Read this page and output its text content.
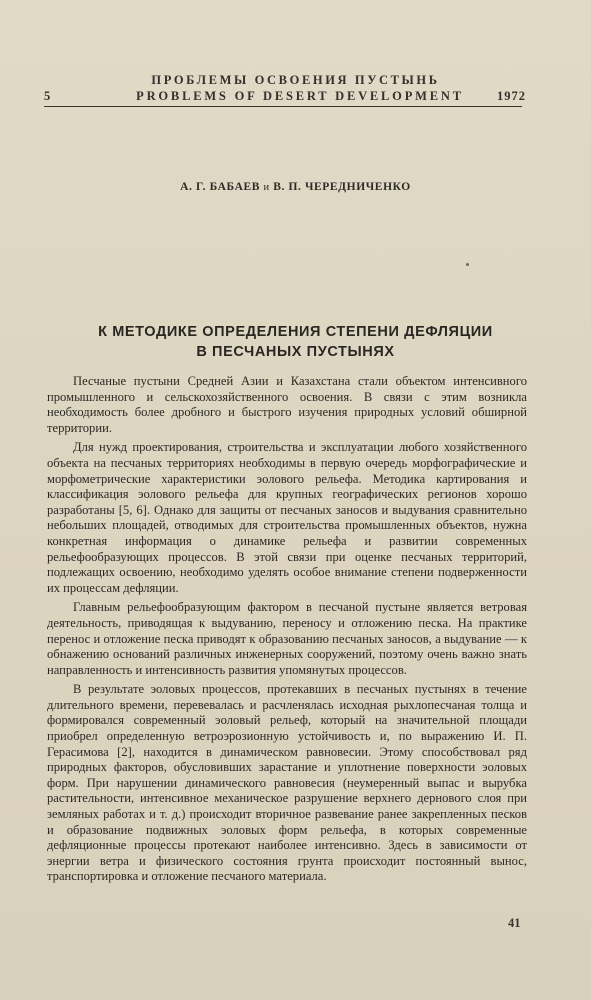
ПРОБЛЕМЫ ОСВОЕНИЯ ПУСТЫНЬ
5	PROBLEMS OF DESERT DEVELOPMENT	1972
А. Г. БАБАЕВ и В. П. ЧЕРЕДНИЧЕНКО
К МЕТОДИКЕ ОПРЕДЕЛЕНИЯ СТЕПЕНИ ДЕФЛЯЦИИ
В ПЕСЧАНЫХ ПУСТЫНЯХ

Песчаные пустыни Средней Азии и Казахстана стали объектом интенсивного промышленного и сельскохозяйственного освоения. В связи с этим возникла необходимость более дробного и быстрого изучения природных условий обширной территории.

Для нужд проектирования, строительства и эксплуатации любого хозяйственного объекта на песчаных территориях необходимы в первую очередь морфографические и морфометрические характеристики эолового рельефа. Методика картирования и классификация эолового рельефа для крупных географических регионов хорошо разработаны [5, 6]. Однако для защиты от песчаных заносов и выдувания сравнительно небольших площадей, отводимых для строительства промышленных объектов, нужна конкретная информация о динамике рельефа и развитии современных рельефообразующих процессов. В этой связи при оценке песчаных территорий, подлежащих освоению, необходимо уделять особое внимание степени подверженности их процессам дефляции.

Главным рельефообразующим фактором в песчаной пустыне является ветровая деятельность, приводящая к выдуванию, переносу и отложению песка. На практике перенос и отложение песка приводят к образованию песчаных заносов, а выдувание — к обнажению оснований различных инженерных сооружений, поэтому очень важно знать направленность и интенсивность развития упомянутых процессов.

В результате эоловых процессов, протекавших в песчаных пустынях в течение длительного времени, перевевалась и расчленялась исходная рыхлопесчаная толща и формировался современный эоловый рельеф, который на значительной площади приобрел определенную ветроэрозионную устойчивость и, по выражению И. П. Герасимова [2], находится в динамическом равновесии. Этому способствовал ряд природных факторов, обусловивших зарастание и уплотнение поверхности эоловых форм. При нарушении динамического равновесия (неумеренный выпас и вырубка растительности, интенсивное механическое разрушение верхнего дернового слоя при земляных работах и т. д.) происходит вторичное развевание ранее закрепленных песков и образование подвижных эоловых форм рельефа, в которых современные дефляционные процессы протекают наиболее интенсивно. Здесь в зависимости от энергии ветра и физического состояния грунта происходит постоянный вынос, транспортировка и отложение песчаного материала.

41
